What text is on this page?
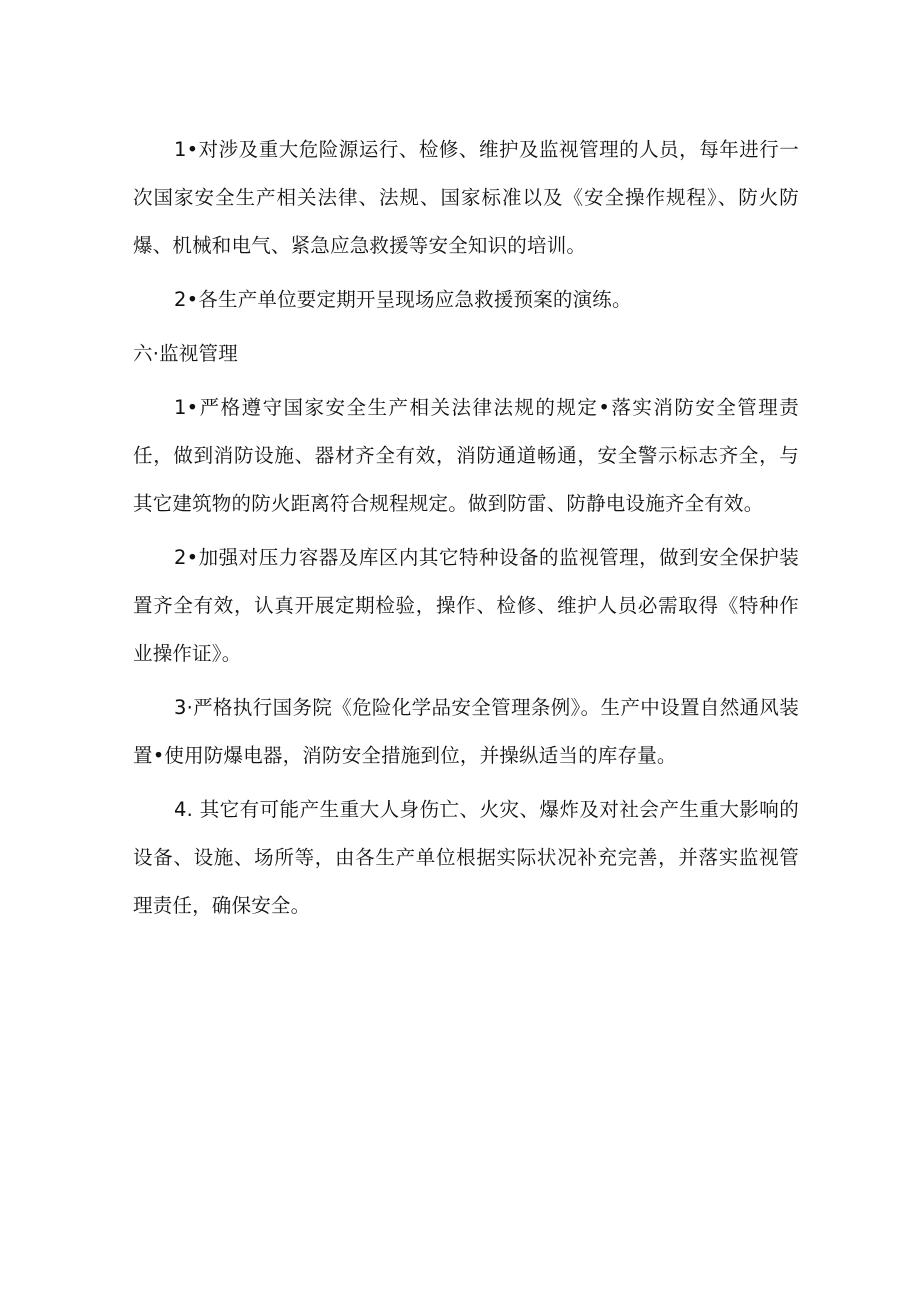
1•对涉及重大危险源运行、检修、维护及监视管理的人员，每年进行一次国家安全生产相关法律、法规、国家标准以及《安全操作规程》、防火防爆、机械和电气、紧急应急救援等安全知识的培训。

2•各生产单位要定期开呈现场应急救援预案的演练。

六·监视管理

1•严格遵守国家安全生产相关法律法规的规定•落实消防安全管理责任，做到消防设施、器材齐全有效，消防通道畅通，安全警示标志齐全，与其它建筑物的防火距离符合规程规定。做到防雷、防静电设施齐全有效。

2•加强对压力容器及库区内其它特种设备的监视管理，做到安全保护装置齐全有效，认真开展定期检验，操作、检修、维护人员必需取得《特种作业操作证》。

3·严格执行国务院《危险化学品安全管理条例》。生产中设置自然通风装置•使用防爆电器，消防安全措施到位，并操纵适当的库存量。

4. 其它有可能产生重大人身伤亡、火灾、爆炸及对社会产生重大影响的设备、设施、场所等，由各生产单位根据实际状况补充完善，并落实监视管理责任，确保安全。
